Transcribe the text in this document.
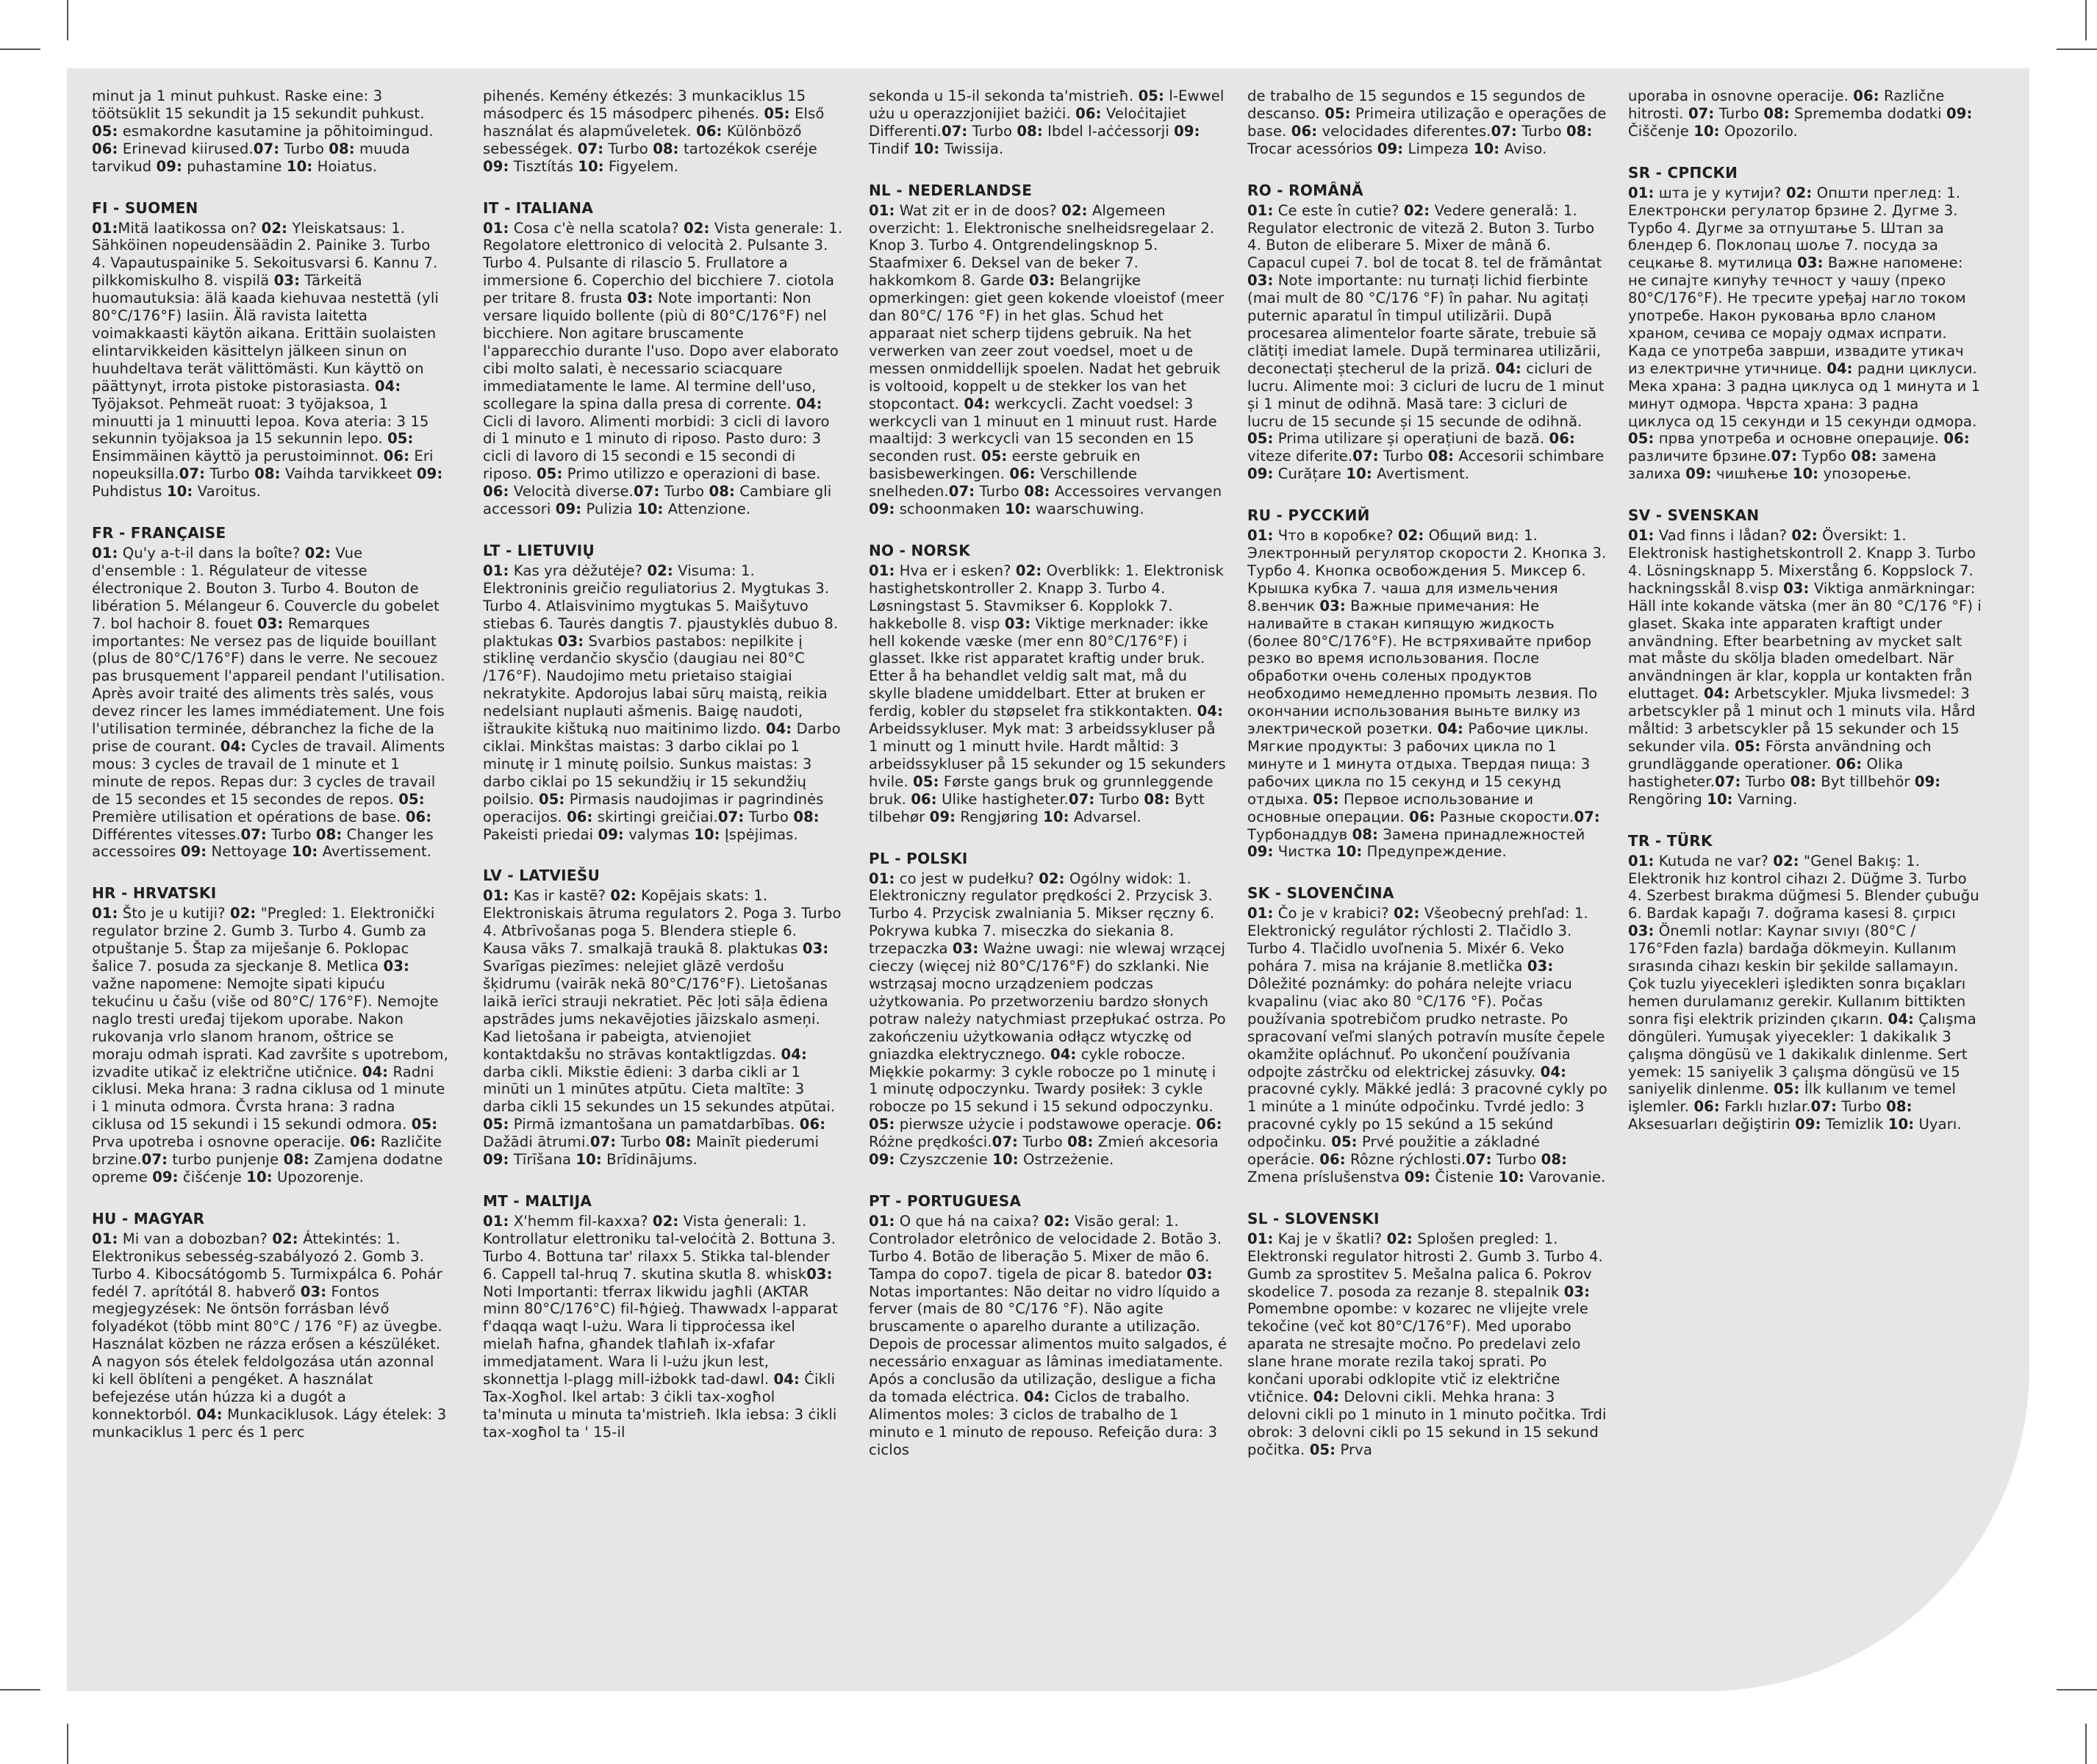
minut ja 1 minut puhkust. Raske eine: 3 töötsüklit 15 sekundit ja 15 sekundit puhkust. 05: esmakordne kasutamine ja põhitoimingud. 06: Erinevad kiirused.07: Turbo 08: muuda tarvikud 09: puhastamine 10: Hoiatus.

FI - SUOMEN

01:Mitä laatikossa on? 02: Yleiskatsaus: 1. Sähköinen nopeudensäädin 2. Painike 3. Turbo 4. Vapautuspainike 5. Sekoitusvarsi 6. Kannu 7. pilkkomiskulho 8. vispilä 03: Tärkeitä huomautuksia: älä kaada kiehuvaa nestettä (yli 80°C/176°F) lasiin. Älä ravista laitetta voimakkaasti käytön aikana. Erittäin suolaisten elintarvikkeiden käsittelyn jälkeen sinun on huuhdeltava terät välittömästi. Kun käyttö on päättynyt, irrota pistoke pistorasiasta. 04: Työjaksot. Pehmeät ruoat: 3 työjaksoa, 1 minuutti ja 1 minuutti lepoa. Kova ateria: 3 15 sekunnin työjaksoa ja 15 sekunnin lepo. 05: Ensimmäinen käyttö ja perustoiminnot. 06: Eri nopeuksilla.07: Turbo 08: Vaihda tarvikkeet 09: Puhdistus 10: Varoitus.

FR - FRANÇAISE

01: Qu'y a-t-il dans la boîte? 02: Vue d'ensemble : 1. Régulateur de vitesse électronique 2. Bouton 3. Turbo 4. Bouton de libération 5. Mélangeur 6. Couvercle du gobelet 7. bol hachoir 8. fouet 03: Remarques importantes: Ne versez pas de liquide bouillant (plus de 80°C/176°F) dans le verre. Ne secouez pas brusquement l'appareil pendant l'utilisation. Après avoir traité des aliments très salés, vous devez rincer les lames immédiatement. Une fois l'utilisation terminée, débranchez la fiche de la prise de courant. 04: Cycles de travail. Aliments mous: 3 cycles de travail de 1 minute et 1 minute de repos. Repas dur: 3 cycles de travail de 15 secondes et 15 secondes de repos. 05: Première utilisation et opérations de base. 06: Différentes vitesses.07: Turbo 08: Changer les accessoires 09: Nettoyage 10: Avertissement.

HR - HRVATSKI

01: Što je u kutiji? 02: "Pregled: 1. Elektronički regulator brzine 2. Gumb 3. Turbo 4. Gumb za otpuštanje 5. Štap za miješanje 6. Poklopac šalice 7. posuda za sjeckanje 8. Metlica 03: važne napomene: Nemojte sipati kipuću tekućinu u čašu (više od 80°C/ 176°F). Nemojte naglo tresti uređaj tijekom uporabe. Nakon rukovanja vrlo slanom hranom, oštrice se moraju odmah isprati. Kad završite s upotrebom, izvadite utikač iz električne utičnice. 04: Radni ciklusi. Meka hrana: 3 radna ciklusa od 1 minute i 1 minuta odmora. Čvrsta hrana: 3 radna ciklusa od 15 sekundi i 15 sekundi odmora. 05: Prva upotreba i osnovne operacije. 06: Različite brzine.07: turbo punjenje 08: Zamjena dodatne opreme 09: čišćenje 10: Upozorenje.

HU - MAGYAR

01: Mi van a dobozban? 02: Áttekintés: 1. Elektronikus sebesség-szabályozó 2. Gomb 3. Turbo 4. Kibocsátógomb 5. Turmixpálca 6. Pohár fedél 7. aprítótál 8. habverő 03: Fontos megjegyzések: Ne öntsön forrásban lévő folyadékot (több mint 80°C / 176 °F) az üvegbe. Használat közben ne rázza erősen a készüléket. A nagyon sós ételek feldolgozása után azonnal ki kell öblíteni a pengéket. A használat befejezése után húzza ki a dugót a konnektorból. 04: Munkaciklusok. Lágy ételek: 3 munkaciklus 1 perc és 1 perc

pihenés. Kemény étkezés: 3 munkaciklus 15 másodperc és 15 másodperc pihenés. 05: Első használat és alapműveletek. 06: Különböző sebességek. 07: Turbo 08: tartozékok cseréje 09: Tisztítás 10: Figyelem.

IT - ITALIANA

01: Cosa c'è nella scatola? 02: Vista generale: 1. Regolatore elettronico di velocità 2. Pulsante 3. Turbo 4. Pulsante di rilascio 5. Frullatore a immersione 6. Coperchio del bicchiere 7. ciotola per tritare 8. frusta 03: Note importanti: Non versare liquido bollente (più di 80°C/176°F) nel bicchiere. Non agitare bruscamente l'apparecchio durante l'uso. Dopo aver elaborato cibi molto salati, è necessario sciacquare immediatamente le lame. Al termine dell'uso, scollegare la spina dalla presa di corrente. 04: Cicli di lavoro. Alimenti morbidi: 3 cicli di lavoro di 1 minuto e 1 minuto di riposo. Pasto duro: 3 cicli di lavoro di 15 secondi e 15 secondi di riposo. 05: Primo utilizzo e operazioni di base. 06: Velocità diverse.07: Turbo 08: Cambiare gli accessori 09: Pulizia 10: Attenzione.

LT - LIETUVIŲ

01: Kas yra dėžutėje? 02: Visuma: 1. Elektroninis greičio reguliatorius 2. Mygtukas 3. Turbo 4. Atlaisvinimo mygtukas 5. Maišytuvo stiebas 6. Taurės dangtis 7. pjaustyklės dubuo 8. plaktukas 03: Svarbios pastabos: nepilkite į stiklinę verdančio skysčio (daugiau nei 80°C /176°F). Naudojimo metu prietaiso staigiai nekratykite. Apdorojus labai sūrų maistą, reikia nedelsiant nuplauti ašmenis. Baigę naudoti, ištraukite kištuką nuo maitinimo lizdo. 04: Darbo ciklai. Minkštas maistas: 3 darbo ciklai po 1 minutę ir 1 minutę poilsio. Sunkus maistas: 3 darbo ciklai po 15 sekundžių ir 15 sekundžių poilsio. 05: Pirmasis naudojimas ir pagrindinės operacijos. 06: skirtingi greičiai.07: Turbo 08: Pakeisti priedai 09: valymas 10: Įspėjimas.

LV - LATVIEŠU

01: Kas ir kastē? 02: Kopējais skats: 1. Elektroniskais ātruma regulators 2. Poga 3. Turbo 4. Atbrīvošanas poga 5. Blendera stieple 6. Kausa vāks 7. smalkajā traukā 8. plaktukas 03: Svarīgas piezīmes: nelejiet glāzē verdošu šķidrumu (vairāk nekā 80°C/176°F). Lietošanas laikā ierīci strauji nekratiet. Pēc ļoti sāļa ēdiena apstrādes jums nekavējoties jāizskalo asmeņi. Kad lietošana ir pabeigta, atvienojiet kontaktdakšu no strāvas kontaktligzdas. 04: darba cikli. Mikstie ēdieni: 3 darba cikli ar 1 minūti un 1 minūtes atpūtu. Cieta maltīte: 3 darba cikli 15 sekundes un 15 sekundes atpūtai. 05: Pirmā izmantošana un pamatdarbības. 06: Dažādi ātrumi.07: Turbo 08: Mainīt piederumi 09: Tīrīšana 10: Brīdinājums.

MT - MALTIJA

01: X'hemm fil-kaxxa? 02: Vista ġenerali: 1. Kontrollatur elettroniku tal-veloċità 2. Bottuna 3. Turbo 4. Bottuna tar' rilaxx 5. Stikka tal-blender 6. Cappell tal-hruq 7. skutina skutla 8. whisk03: Noti Importanti: tferrax likwidu jagħli (AKTAR minn 80°C/176°C) fil-ħġieġ. Thawwadx l-apparat f'daqqa waqt l-użu. Wara li tipproċessa ikel mielaħ ħafna, għandek tlaħlaħ ix-xfafar immedjatament. Wara li l-użu jkun lest, skonnettja l-plagg mill-iżbokk tad-dawl. 04: Ċikli Tax-Xogħol. Ikel artab: 3 ċikli tax-xogħol ta'minuta u minuta ta'mistrieħ. Ikla iebsa: 3 ċikli tax-xogħol ta ' 15-il

sekonda u 15-il sekonda ta'mistrieħ. 05: l-Ewwel użu u operazzjonijiet bażiċi. 06: Veloċitajiet Differenti.07: Turbo 08: Ibdel l-aċċessorji 09: Tindif 10: Twissija.

NL - NEDERLANDSE

01: Wat zit er in de doos? 02: Algemeen overzicht: 1. Elektronische snelheidsregelaar 2. Knop 3. Turbo 4. Ontgrendelingsknop 5. Staafmixer 6. Deksel van de beker 7. hakkomkom 8. Garde 03: Belangrijke opmerkingen: giet geen kokende vloeistof (meer dan 80°C/ 176 °F) in het glas. Schud het apparaat niet scherp tijdens gebruik. Na het verwerken van zeer zout voedsel, moet u de messen onmiddellijk spoelen. Nadat het gebruik is voltooid, koppelt u de stekker los van het stopcontact. 04: werkcycli. Zacht voedsel: 3 werkcycli van 1 minuut en 1 minuut rust. Harde maaltijd: 3 werkcycli van 15 seconden en 15 seconden rust. 05: eerste gebruik en basisbewerkingen. 06: Verschillende snelheden.07: Turbo 08: Accessoires vervangen 09: schoonmaken 10: waarschuwing.

NO - NORSK

01: Hva er i esken? 02: Overblikk: 1. Elektronisk hastighetskontroller 2. Knapp 3. Turbo 4. Løsningstast 5. Stavmikser 6. Kopplokk 7. hakkebolle 8. visp 03: Viktige merknader: ikke hell kokende væske (mer enn 80°C/176°F) i glasset. Ikke rist apparatet kraftig under bruk. Etter å ha behandlet veldig salt mat, må du skylle bladene umiddelbart. Etter at bruken er ferdig, kobler du støpselet fra stikkontakten. 04: Arbeidssykluser. Myk mat: 3 arbeidssykluser på 1 minutt og 1 minutt hvile. Hardt måltid: 3 arbeidssykluser på 15 sekunder og 15 sekunders hvile. 05: Første gangs bruk og grunnleggende bruk. 06: Ulike hastigheter.07: Turbo 08: Bytt tilbehør 09: Rengjøring 10: Advarsel.

PL - POLSKI

01: co jest w pudełku? 02: Ogólny widok: 1. Elektroniczny regulator prędkości 2. Przycisk 3. Turbo 4. Przycisk zwalniania 5. Mikser ręczny 6. Pokrywa kubka 7. miseczka do siekania 8. trzepaczka 03: Ważne uwagi: nie wlewaj wrzącej cieczy (więcej niż 80°C/176°F) do szklanki. Nie wstrząsaj mocno urządzeniem podczas użytkowania. Po przetworzeniu bardzo słonych potraw należy natychmiast przepłukać ostrza. Po zakończeniu użytkowania odłącz wtyczkę od gniazdka elektrycznego. 04: cykle robocze. Miękkie pokarmy: 3 cykle robocze po 1 minutę i 1 minutę odpoczynku. Twardy posiłek: 3 cykle robocze po 15 sekund i 15 sekund odpoczynku. 05: pierwsze użycie i podstawowe operacje. 06: Różne prędkości.07: Turbo 08: Zmień akcesoria 09: Czyszczenie 10: Ostrzeżenie.

PT - PORTUGUESA

01: O que há na caixa? 02: Visão geral: 1. Controlador eletrônico de velocidade 2. Botão 3. Turbo 4. Botão de liberação 5. Mixer de mão 6. Tampa do copo7. tigela de picar 8. batedor 03: Notas importantes: Não deitar no vidro líquido a ferver (mais de 80 °C/176 °F). Não agite bruscamente o aparelho durante a utilização. Depois de processar alimentos muito salgados, é necessário enxaguar as lâminas imediatamente. Após a conclusão da utilização, desligue a ficha da tomada eléctrica. 04: Ciclos de trabalho. Alimentos moles: 3 ciclos de trabalho de 1 minuto e 1 minuto de repouso. Refeição dura: 3 ciclos

de trabalho de 15 segundos e 15 segundos de descanso. 05: Primeira utilização e operações de base. 06: velocidades diferentes.07: Turbo 08: Trocar acessórios 09: Limpeza 10: Aviso.

RO - ROMÂNĂ

01: Ce este în cutie? 02: Vedere generală: 1. Regulator electronic de viteză 2. Buton 3. Turbo 4. Buton de eliberare 5. Mixer de mână 6. Capacul cupei 7. bol de tocat 8. tel de frământat 03: Note importante: nu turnați lichid fierbinte (mai mult de 80 °C/176 °F) în pahar. Nu agitați puternic aparatul în timpul utilizării. După procesarea alimentelor foarte sărate, trebuie să clătiți imediat lamele. După terminarea utilizării, deconectați ștecherul de la priză. 04: cicluri de lucru. Alimente moi: 3 cicluri de lucru de 1 minut și 1 minut de odihnă. Masă tare: 3 cicluri de lucru de 15 secunde și 15 secunde de odihnă. 05: Prima utilizare și operațiuni de bază. 06: viteze diferite.07: Turbo 08: Accesorii schimbare 09: Curățare 10: Avertisment.

RU - РУССКИЙ

01: Что в коробке? 02: Общий вид: 1. Электронный регулятор скорости 2. Кнопка 3. Турбо 4. Кнопка освобождения 5. Миксер 6. Крышка кубка 7. чаша для измельчения 8.венчик 03: Важные примечания: Не наливайте в стакан кипящую жидкость (более 80°C/176°F). Не встряхивайте прибор резко во время использования. После обработки очень соленых продуктов необходимо немедленно промыть лезвия. По окончании использования выньте вилку из электрической розетки. 04: Рабочие циклы. Мягкие продукты: 3 рабочих цикла по 1 минуте и 1 минута отдыха. Твердая пища: 3 рабочих цикла по 15 секунд и 15 секунд отдыха. 05: Первое использование и основные операции. 06: Разные скорости.07: Турбонаддув 08: Замена принадлежностей 09: Чистка 10: Предупреждение.

SK - SLOVENČINA

01: Čo je v krabici? 02: Všeobecný prehľad: 1. Elektronický regulátor rýchlosti 2. Tlačidlo 3. Turbo 4. Tlačidlo uvoľnenia 5. Mixér 6. Veko pohára 7. misa na krájanie 8.metlička 03: Dôležité poznámky: do pohára nelejte vriacu kvapalinu (viac ako 80 °C/176 °F). Počas používania spotrebičom prudko netraste. Po spracovaní veľmi slaných potravín musíte čepele okamžite opláchnuť. Po ukončení používania odpojte zástrčku od elektrickej zásuvky. 04: pracovné cykly. Mäkké jedlá: 3 pracovné cykly po 1 minúte a 1 minúte odpočinku. Tvrdé jedlo: 3 pracovné cykly po 15 sekúnd a 15 sekúnd odpočinku. 05: Prvé použitie a základné operácie. 06: Rôzne rýchlosti.07: Turbo 08: Zmena príslušenstva 09: Čistenie 10: Varovanie.

SL - SLOVENSKI

01: Kaj je v škatli? 02: Splošen pregled: 1. Elektronski regulator hitrosti 2. Gumb 3. Turbo 4. Gumb za sprostitev 5. Mešalna palica 6. Pokrov skodelice 7. posoda za rezanje 8. stepalnik 03: Pomembne opombe: v kozarec ne vlijejte vrele tekočine (več kot 80°C/176°F). Med uporabo aparata ne stresajte močno. Po predelavi zelo slane hrane morate rezila takoj sprati. Po končani uporabi odklopite vtič iz električne vtičnice. 04: Delovni cikli. Mehka hrana: 3 delovni cikli po 1 minuto in 1 minuto počitka. Trdi obrok: 3 delovni cikli po 15 sekund in 15 sekund počitka. 05: Prva

uporaba in osnovne operacije. 06: Različne hitrosti. 07: Turbo 08: Sprememba dodatki 09: Čiščenje 10: Opozorilo.

SR - СРПСКИ

01: шта је у кутији? 02: Општи преглед: 1. Електронски регулатор брзине 2. Дугме 3. Турбо 4. Дугме за отпуштање 5. Штап за блендер 6. Поклопац шоље 7. посуда за сецкање 8. мутилица 03: Важне напомене: не сипајте кипућу течност у чашу (преко 80°C/176°F). Не тресите уређај нагло током употребе. Након руковања врло сланом храном, сечива се морају одмах испрати. Када се употреба заврши, извадите утикач из електричне утичнице. 04: радни циклуси. Мека храна: 3 радна циклуса од 1 минута и 1 минут одмора. Чврста храна: 3 радна циклуса од 15 секунди и 15 секунди одмора. 05: прва употреба и основне операције. 06: различите брзине.07: Турбо 08: замена залиха 09: чишћење 10: упозорење.

SV - SVENSKAN

01: Vad finns i lådan? 02: Översikt: 1. Elektronisk hastighetskontroll 2. Knapp 3. Turbo 4. Lösningsknapp 5. Mixerstång 6. Koppslock 7. hackningsskål 8.visp 03: Viktiga anmärkningar: Häll inte kokande vätska (mer än 80 °C/176 °F) i glaset. Skaka inte apparaten kraftigt under användning. Efter bearbetning av mycket salt mat måste du skölja bladen omedelbart. När användningen är klar, koppla ur kontakten från eluttaget. 04: Arbetscykler. Mjuka livsmedel: 3 arbetscykler på 1 minut och 1 minuts vila. Hård måltid: 3 arbetscykler på 15 sekunder och 15 sekunder vila. 05: Första användning och grundläggande operationer. 06: Olika hastigheter.07: Turbo 08: Byt tillbehör 09: Rengöring 10: Varning.

TR - TÜRK

01: Kutuda ne var? 02: "Genel Bakış: 1. Elektronik hız kontrol cihazı 2. Düğme 3. Turbo 4. Szerbest bırakma düğmesi 5. Blender çubuğu 6. Bardak kapağı 7. doğrama kasesi 8. çırpıcı 03: Önemli notlar: Kaynar sıvıyı (80°C / 176°Fden fazla) bardağa dökmeyin. Kullanım sırasında cihazı keskin bir şekilde sallamayın. Çok tuzlu yiyecekleri işledikten sonra bıçakları hemen durulamanız gerekir. Kullanım bittikten sonra fişi elektrik prizinden çıkarın. 04: Çalışma döngüleri. Yumuşak yiyecekler: 1 dakikalık 3 çalışma döngüsü ve 1 dakikalık dinlenme. Sert yemek: 15 saniyelik 3 çalışma döngüsü ve 15 saniyelik dinlenme. 05: İlk kullanım ve temel işlemler. 06: Farklı hızlar.07: Turbo 08: Aksesuarları değiştirin 09: Temizlik 10: Uyarı.
